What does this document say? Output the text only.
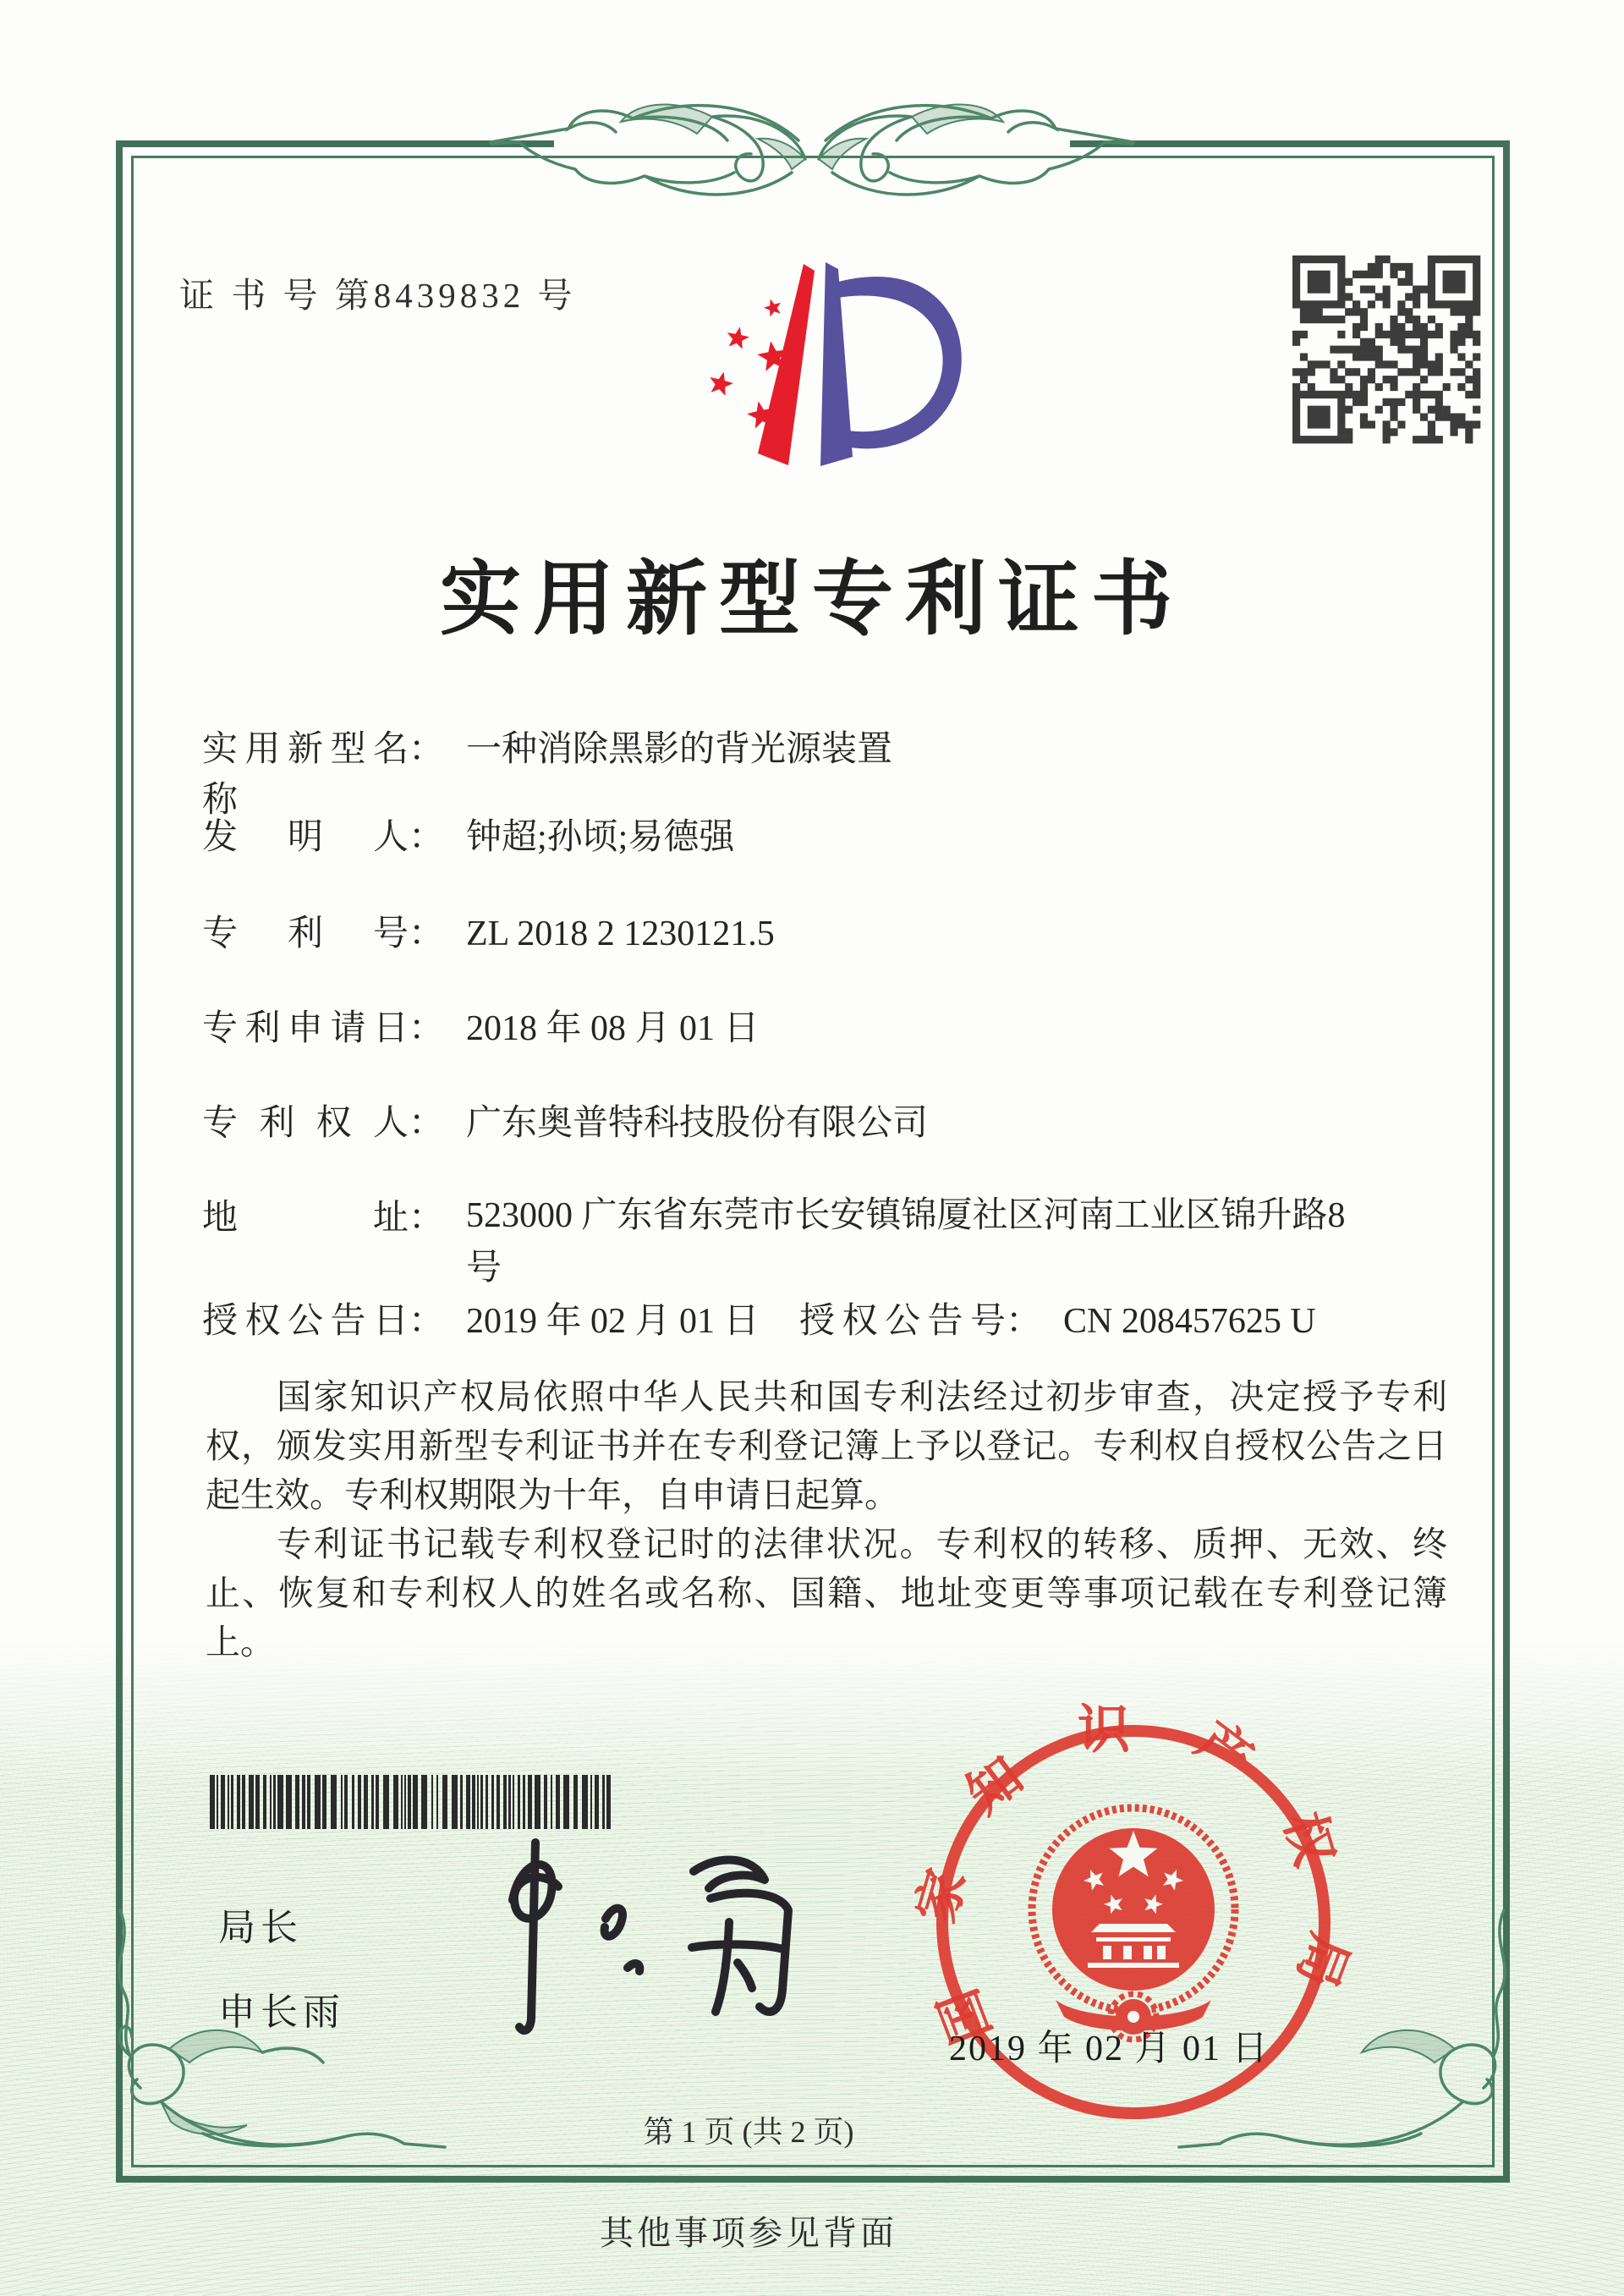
证 书 号 第8439832 号
实用新型专利证书
实用新型名称： 一种消除黑影的背光源装置
发明人： 钟超;孙顷;易德强
专利号： ZL 2018 2 1230121.5
专利申请日： 2018 年 08 月 01 日
专利权人： 广东奥普特科技股份有限公司
地址： 523000 广东省东莞市长安镇锦厦社区河南工业区锦升路8
号
授权公告日： 2019 年 02 月 01 日 授权公告号： CN 208457625 U
国家知识产权局依照中华人民共和国专利法经过初步审查，决定授予专利权，颁发实用新型专利证书并在专利登记簿上予以登记。专利权自授权公告之日起生效。专利权期限为十年，自申请日起算。
专利证书记载专利权登记时的法律状况。专利权的转移、质押、无效、终止、恢复和专利权人的姓名或名称、国籍、地址变更等事项记载在专利登记簿上。
局长
申长雨	国家知识产权局
2019 年 02 月 01 日
第 1 页 (共 2 页)
其他事项参见背面
